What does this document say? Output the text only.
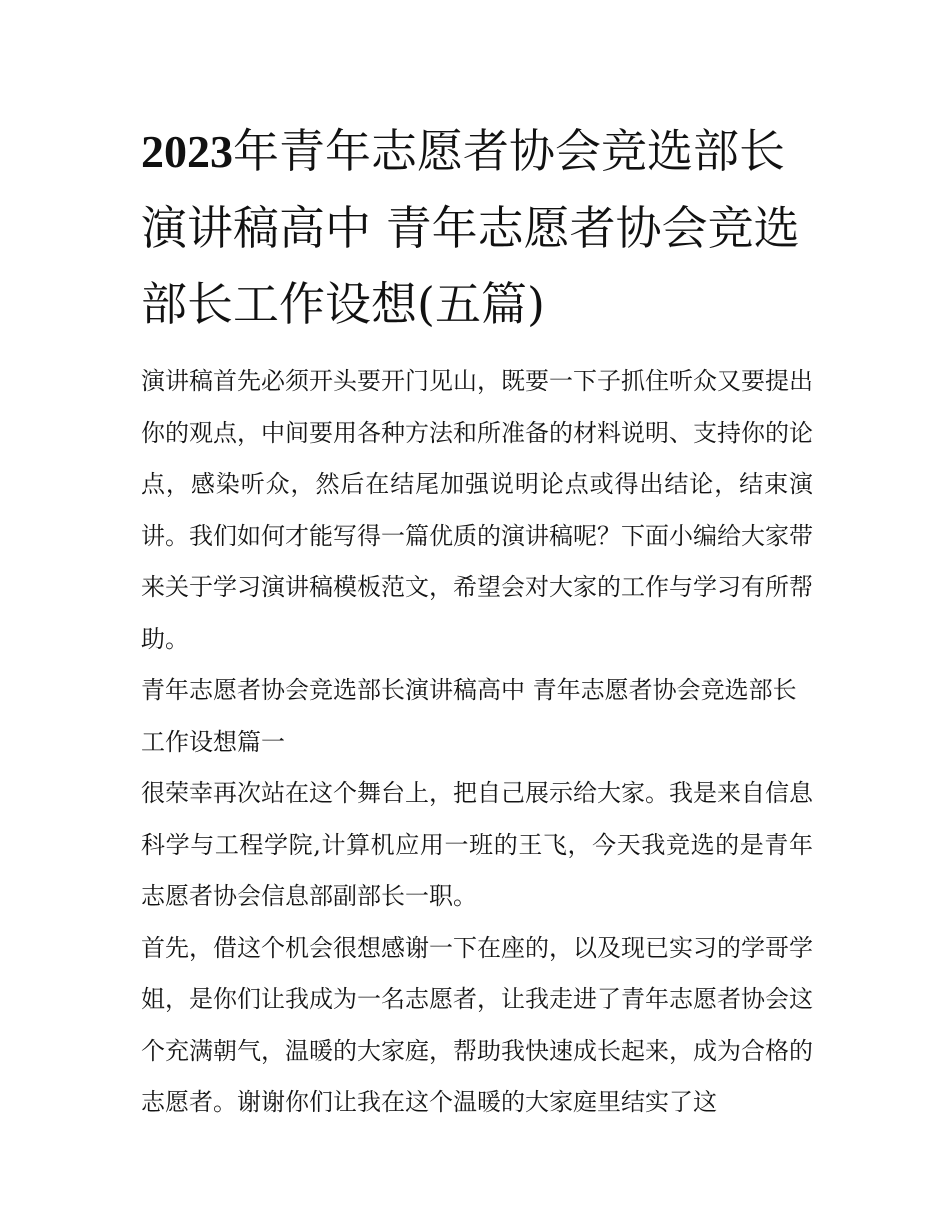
2023年青年志愿者协会竞选部长演讲稿高中 青年志愿者协会竞选部长工作设想(五篇)

演讲稿首先必须开头要开门见山，既要一下子抓住听众又要提出你的观点，中间要用各种方法和所准备的材料说明、支持你的论点，感染听众，然后在结尾加强说明论点或得出结论，结束演讲。我们如何才能写得一篇优质的演讲稿呢？下面小编给大家带来关于学习演讲稿模板范文，希望会对大家的工作与学习有所帮助。

青年志愿者协会竞选部长演讲稿高中 青年志愿者协会竞选部长工作设想篇一

很荣幸再次站在这个舞台上，把自己展示给大家。我是来自信息科学与工程学院,计算机应用一班的王飞，今天我竞选的是青年志愿者协会信息部副部长一职。

首先，借这个机会很想感谢一下在座的，以及现已实习的学哥学姐，是你们让我成为一名志愿者，让我走进了青年志愿者协会这个充满朝气，温暖的大家庭，帮助我快速成长起来，成为合格的志愿者。谢谢你们让我在这个温暖的大家庭里结实了这
